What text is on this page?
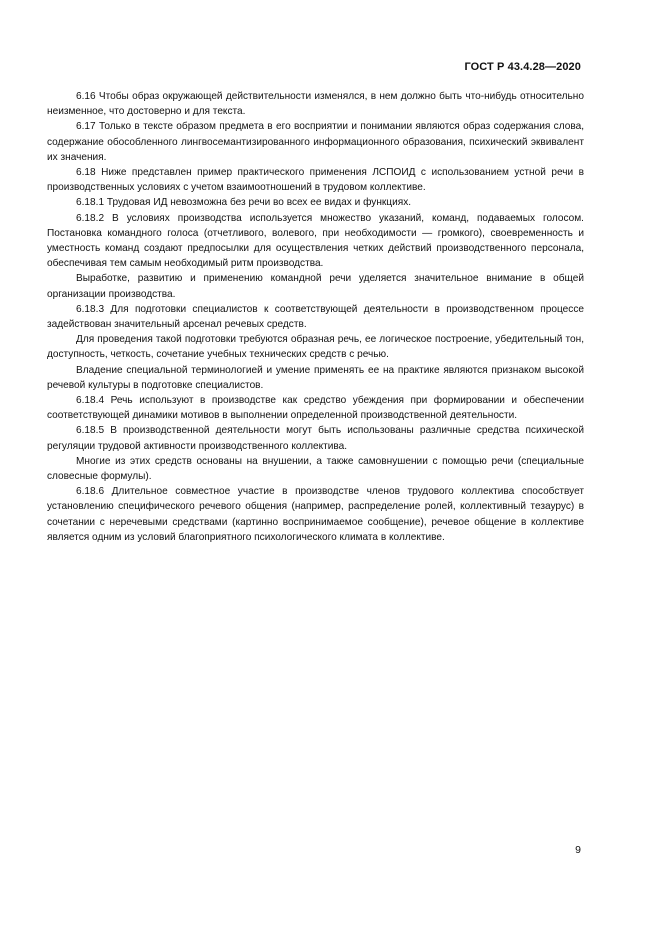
ГОСТ Р 43.4.28—2020

6.16 Чтобы образ окружающей действительности изменялся, в нем должно быть что-нибудь относительно неизменное, что достоверно и для текста.

6.17 Только в тексте образом предмета в его восприятии и понимании являются образ содержания слова, содержание обособленного лингвосемантизированного информационного образования, психический эквивалент их значения.

6.18 Ниже представлен пример практического применения ЛСПОИД с использованием устной речи в производственных условиях с учетом взаимоотношений в трудовом коллективе.

6.18.1 Трудовая ИД невозможна без речи во всех ее видах и функциях.

6.18.2 В условиях производства используется множество указаний, команд, подаваемых голосом. Постановка командного голоса (отчетливого, волевого, при необходимости — громкого), своевременность и уместность команд создают предпосылки для осуществления четких действий производственного персонала, обеспечивая тем самым необходимый ритм производства.

Выработке, развитию и применению командной речи уделяется значительное внимание в общей организации производства.

6.18.3 Для подготовки специалистов к соответствующей деятельности в производственном процессе задействован значительный арсенал речевых средств.

Для проведения такой подготовки требуются образная речь, ее логическое построение, убедительный тон, доступность, четкость, сочетание учебных технических средств с речью.

Владение специальной терминологией и умение применять ее на практике являются признаком высокой речевой культуры в подготовке специалистов.

6.18.4 Речь используют в производстве как средство убеждения при формировании и обеспечении соответствующей динамики мотивов в выполнении определенной производственной деятельности.

6.18.5 В производственной деятельности могут быть использованы различные средства психической регуляции трудовой активности производственного коллектива.

Многие из этих средств основаны на внушении, а также самовнушении с помощью речи (специальные словесные формулы).

6.18.6 Длительное совместное участие в производстве членов трудового коллектива способствует установлению специфического речевого общения (например, распределение ролей, коллективный тезаурус) в сочетании с неречевыми средствами (картинно воспринимаемое сообщение), речевое общение в коллективе является одним из условий благоприятного психологического климата в коллективе.

9
